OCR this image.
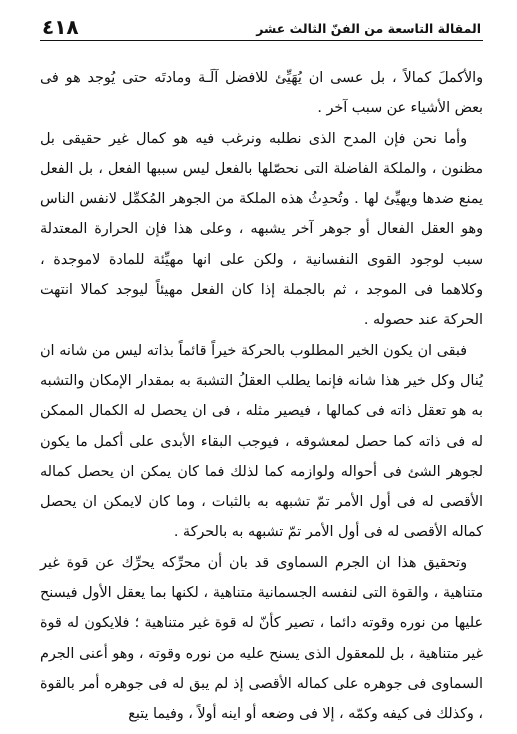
٤١٨	المقالة التاسعة من الفنّ الثالث عشر

والأكملَ كمالاً ، بل عسى ان يُهَيِّئ للافضل آلَـة ومادتَه حتى يُوجد هو فى بعض الأشياء عن سبب آخر .

وأما نحن فإن المدح الذى نطلبه ونرغب فيه هو كمال غير حقيقى بل مظنون ، والملكة الفاضلة التى نحصّلها بالفعل ليس سببها الفعل ، بل الفعل يمنع ضدها ويهيِّئ لها . وتُحدِثُ هذه الملكة من الجوهر المُكمِّل لانفس الناس وهو العقل الفعال أو جوهر آخر يشبهه ، وعلى هذا فإن الحرارة المعتدلة سبب لوجود القوى النفسانية ، ولكن على انها مهيِّئة للمادة لاموجدة ، وكلاهما فى الموجد ، ثم بالجملة إذا كان الفعل مهيئاً ليوجد كمالا انتهت الحركة عند حصوله .

فبقى ان يكون الخير المطلوب بالحركة خيراً قائماً بذاته ليس من شانه ان يُنال وكل خير هذا شانه فإنما يطلب العقلُ التشبهَ به بمقدار الإمكان والتشبه به هو تعقل ذاته فى كمالها ، فيصير مثله ، فى ان يحصل له الكمال الممكن له فى ذاته كما حصل لمعشوقه ، فيوجب البقاء الأبدى على أكمل ما يكون لجوهر الشئ فى أحواله ولوازمه كما لذلك فما كان يمكن ان يحصل كماله الأقصى له فى أول الأمر تمّ تشبهه به بالثبات ، وما كان لايمكن ان يحصل كماله الأقصى له فى أول الأمر تمّ تشبهه به بالحركة .

وتحقيق هذا ان الجرم السماوى قد بان أن محرِّكه يحرِّك عن قوة غير متناهية ، والقوة التى لنفسه الجسمانية متناهية ، لكنها بما يعقل الأول فيسنح عليها من نوره وقوته دائما ، تصير كأنّ له قوة غير متناهية ؛ فلايكون له قوة غير متناهية ، بل للمعقول الذى يسنح عليه من نوره وقوته ، وهو أعنى الجرم السماوى فى جوهره على كماله الأقصى إذ لم يبق له فى جوهره أمر بالقوة ، وكذلك فى كيفه وكمّه ، إلا فى وضعه أو اينه أولاً ، وفيما يتبع
